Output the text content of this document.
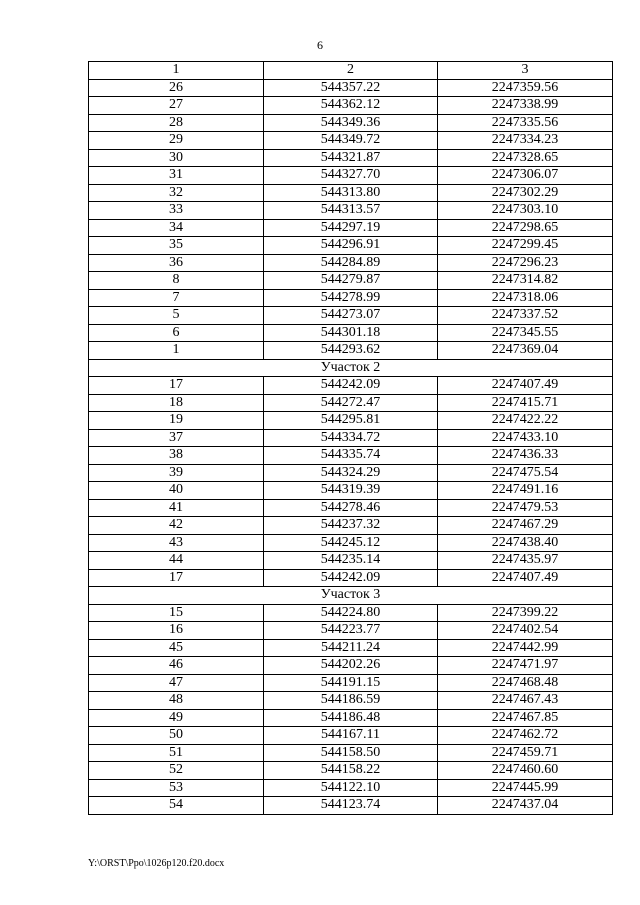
6
1	2	3
26	544357.22	2247359.56
27	544362.12	2247338.99
28	544349.36	2247335.56
29	544349.72	2247334.23
30	544321.87	2247328.65
31	544327.70	2247306.07
32	544313.80	2247302.29
33	544313.57	2247303.10
34	544297.19	2247298.65
35	544296.91	2247299.45
36	544284.89	2247296.23
8	544279.87	2247314.82
7	544278.99	2247318.06
5	544273.07	2247337.52
6	544301.18	2247345.55
1	544293.62	2247369.04
Участок 2		
17	544242.09	2247407.49
18	544272.47	2247415.71
19	544295.81	2247422.22
37	544334.72	2247433.10
38	544335.74	2247436.33
39	544324.29	2247475.54
40	544319.39	2247491.16
41	544278.46	2247479.53
42	544237.32	2247467.29
43	544245.12	2247438.40
44	544235.14	2247435.97
17	544242.09	2247407.49
Участок 3		
15	544224.80	2247399.22
16	544223.77	2247402.54
45	544211.24	2247442.99
46	544202.26	2247471.97
47	544191.15	2247468.48
48	544186.59	2247467.43
49	544186.48	2247467.85
50	544167.11	2247462.72
51	544158.50	2247459.71
52	544158.22	2247460.60
53	544122.10	2247445.99
54	544123.74	2247437.04
Y:\ORST\Ppo\1026p120.f20.docx
